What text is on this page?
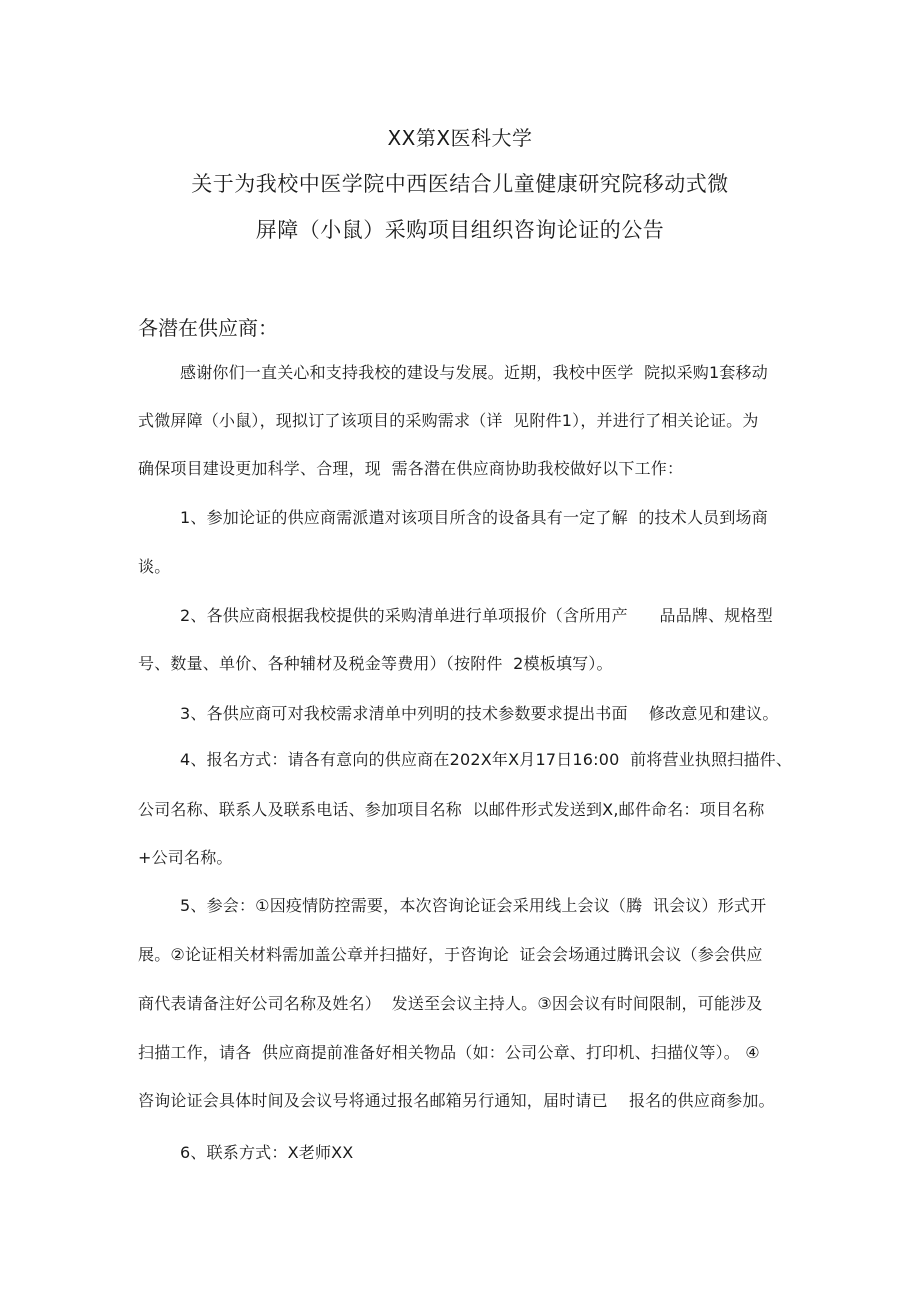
XX第X医科大学
关于为我校中医学院中西医结合儿童健康研究院移动式微
屏障（小鼠）采购项目组织咨询论证的公告
各潜在供应商：
感谢你们一直关心和支持我校的建设与发展。近期，我校中医学  院拟采购1套移动
式微屏障（小鼠），现拟订了该项目的采购需求（详  见附件1），并进行了相关论证。为
确保项目建设更加科学、合理，现  需各潜在供应商协助我校做好以下工作：
1、参加论证的供应商需派遣对该项目所含的设备具有一定了解  的技术人员到场商
谈。
2、各供应商根据我校提供的采购清单进行单项报价（含所用产      品品牌、规格型
号、数量、单价、各种辅材及税金等费用）（按附件  2模板填写）。
3、各供应商可对我校需求清单中列明的技术参数要求提出书面    修改意见和建议。
4、报名方式：请各有意向的供应商在202X年X月17日16:00  前将营业执照扫描件、
公司名称、联系人及联系电话、参加项目名称  以邮件形式发送到X,邮件命名：项目名称
+公司名称。
5、参会：①因疫情防控需要，本次咨询论证会采用线上会议（腾  讯会议）形式开
展。②论证相关材料需加盖公章并扫描好，于咨询论  证会会场通过腾讯会议（参会供应
商代表请备注好公司名称及姓名）  发送至会议主持人。③因会议有时间限制，可能涉及
扫描工作，请各  供应商提前准备好相关物品（如：公司公章、打印机、扫描仪等）。 ④
咨询论证会具体时间及会议号将通过报名邮箱另行通知，届时请已    报名的供应商参加。
6、联系方式：X老师XX
